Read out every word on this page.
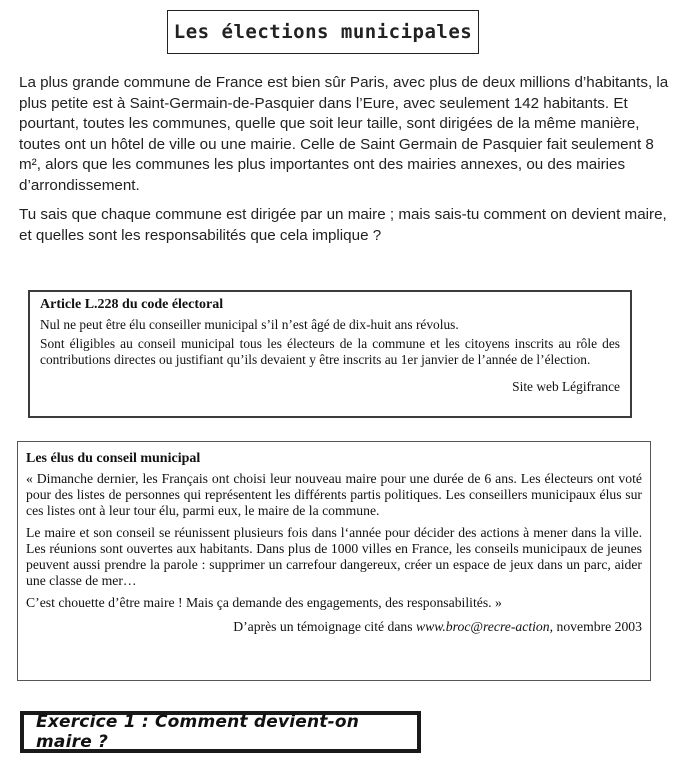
Les élections municipales

La plus grande commune de France est bien sûr Paris, avec plus de deux millions d’habitants, la plus petite est à Saint-Germain-de-Pasquier dans l’Eure, avec seulement 142 habitants. Et pourtant, toutes les communes, quelle que soit leur taille, sont dirigées de la même manière, toutes ont un hôtel de ville ou une mairie. Celle de Saint Germain de Pasquier fait seulement 8 m², alors que les communes les plus importantes ont des mairies annexes, ou des mairies d’arrondissement.

Tu sais que chaque commune est dirigée par un maire ; mais sais-tu comment on devient maire, et quelles sont les responsabilités que cela implique ?

Article L.228 du code électoral

Nul ne peut être élu conseiller municipal s’il n’est âgé de dix-huit ans révolus.

Sont éligibles au conseil municipal tous les électeurs de la commune et les citoyens inscrits au rôle des contributions directes ou justifiant qu’ils devaient y être inscrits au 1er janvier de l’année de l’élection.

Site web Légifrance

Les élus du conseil municipal

« Dimanche dernier, les Français ont choisi leur nouveau maire pour une durée de 6 ans. Les électeurs ont voté pour des listes de personnes qui représentent les différents partis politiques. Les conseillers municipaux élus sur ces listes ont à leur tour élu, parmi eux, le maire de la commune.

Le maire et son conseil se réunissent plusieurs fois dans l‘année pour décider des actions à mener dans la ville. Les réunions sont ouvertes aux habitants. Dans plus de 1000 villes en France, les conseils municipaux de jeunes peuvent aussi prendre la parole : supprimer un carrefour dangereux, créer un espace de jeux dans un parc, aider une classe de mer…

C’est chouette d’être maire ! Mais ça demande des engagements, des responsabilités. »

D’après un témoignage cité dans www.broc@recre-action, novembre 2003

Exercice 1 : Comment devient-on maire ?
